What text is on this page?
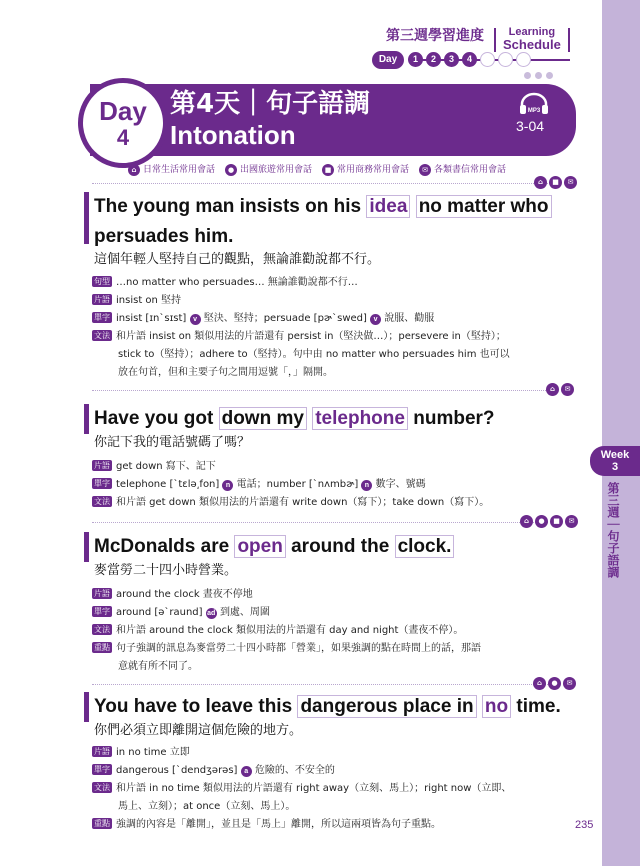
Week
3
第三週｜句子語調
第三週學習進度	Learning
Schedule
Day	1	2	3	4
Day
4
第4天｜句子語調
Intonation
MP3
3-04
⌂ 日常生活常用會話	● 出國旅遊常用會話	■ 常用商務常用會話	✉ 各類書信常用會話
⌂	■	✉
The young man insists on his idea no matter who
persuades him.
這個年輕人堅持自己的觀點，無論誰勸說都不行。
句型 …no matter who persuades… 無論誰勸說都不行…
片語 insist on 堅持
單字 insist [ɪn`sɪst] v 堅決、堅持；persuade [pɚ`swed] v 說服、勸服
文法 和片語 insist on 類似用法的片語還有 persist in（堅決做…）；persevere in（堅持）；
stick to（堅持）；adhere to（堅持）。句中由 no matter who persuades him 也可以
放在句首，但和主要子句之間用逗號「，」隔開。
⌂	✉
Have you got down my telephone number?
你記下我的電話號碼了嗎？
片語 get down 寫下、記下
單字 telephone [`tɛlə͵fon] n 電話；number [`nʌmbɚ] n 數字、號碼
文法 和片語 get down 類似用法的片語還有 write down（寫下）；take down（寫下）。
⌂	●	■	✉
McDonalds are open around the clock.
麥當勞二十四小時營業。
片語 around the clock 晝夜不停地
單字 around [ə`raund] ad 到處、周圍
文法 和片語 around the clock 類似用法的片語還有 day and night（晝夜不停）。
重點 句子強調的訊息為麥當勞二十四小時都「營業」，如果強調的點在時間上的話，那語
意就有所不同了。
⌂	●	✉
You have to leave this dangerous place in no time.
你們必須立即離開這個危險的地方。
片語 in no time 立即
單字 dangerous [`dendʒərəs] a 危險的、不安全的
文法 和片語 in no time 類似用法的片語還有 right away（立刻、馬上）；right now（立即、
馬上、立刻）；at once（立刻、馬上）。
重點 強調的內容是「離開」，並且是「馬上」離開，所以這兩項皆為句子重點。	235
